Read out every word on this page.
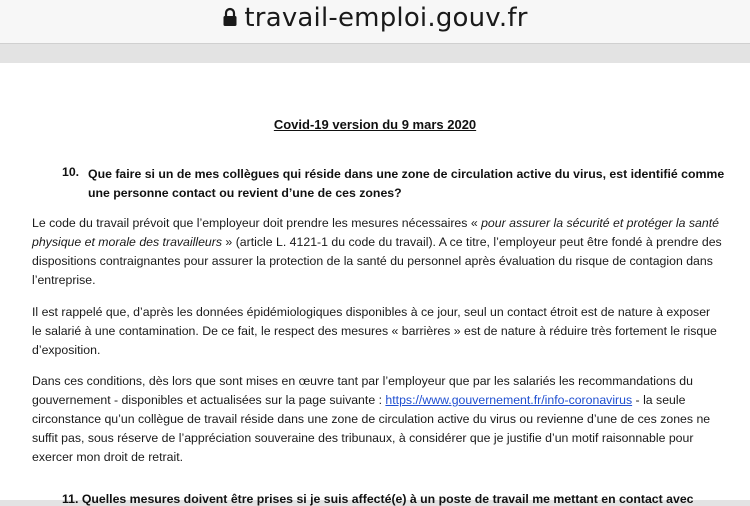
travail-emploi.gouv.fr
Covid-19 version du 9 mars 2020
10. Que faire si un de mes collègues qui réside dans une zone de circulation active du virus, est identifié comme une personne contact ou revient d’une de ces zones?
Le code du travail prévoit que l’employeur doit prendre les mesures nécessaires « pour assurer la sécurité et protéger la santé physique et morale des travailleurs » (article L. 4121-1 du code du travail). A ce titre, l’employeur peut être fondé à prendre des dispositions contraignantes pour assurer la protection de la santé du personnel après évaluation du risque de contagion dans l’entreprise.
Il est rappelé que, d’après les données épidémiologiques disponibles à ce jour, seul un contact étroit est de nature à exposer le salarié à une contamination. De ce fait, le respect des mesures « barrières » est de nature à réduire très fortement le risque d’exposition.
Dans ces conditions, dès lors que sont mises en œuvre tant par l’employeur que par les salariés les recommandations du gouvernement - disponibles et actualisées sur la page suivante : https://www.gouvernement.fr/info-coronavirus - la seule circonstance qu’un collègue de travail réside dans une zone de circulation active du virus ou revienne d’une de ces zones ne suffit pas, sous réserve de l’appréciation souveraine des tribunaux, à considérer que je justifie d’un motif raisonnable pour exercer mon droit de retrait.
11. Quelles mesures doivent être prises si je suis affecté(e) à un poste de travail me mettant en contact avec
